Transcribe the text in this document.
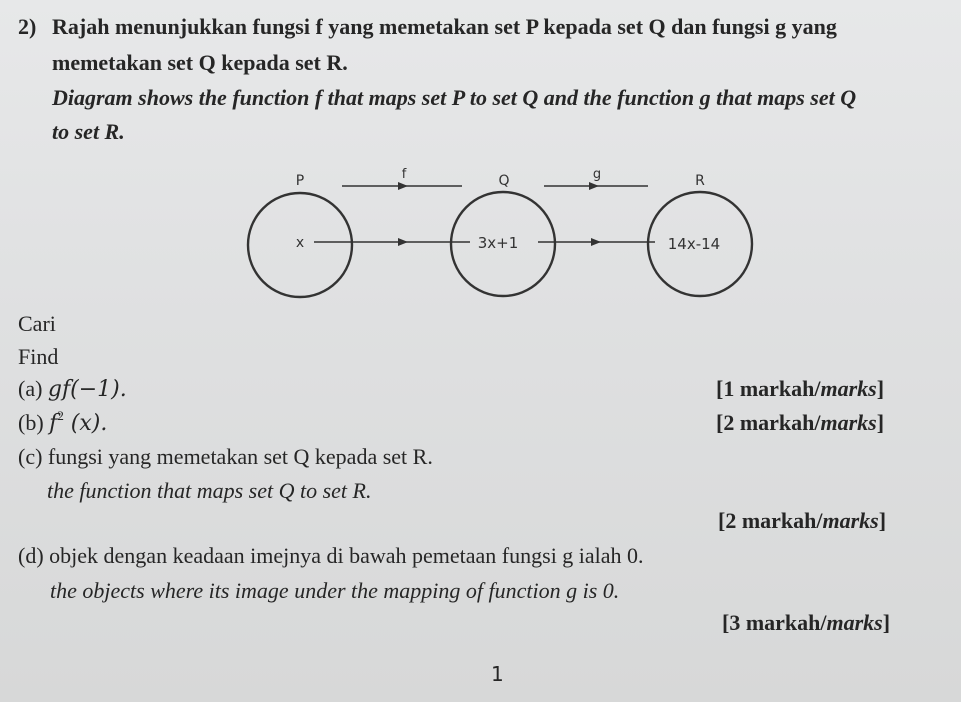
2) Rajah menunjukkan fungsi f yang memetakan set P kepada set Q dan fungsi g yang
memetakan set Q kepada set R.
Diagram shows the function f that maps set P to set Q and the function g that maps set Q
to set R.
P	Q	R
f	g
x	3x+1	14x-14
Cari
Find
(a) gf(−1).	[1 markah/marks]
(b) $f^2$ (x).	[2 markah/marks]
(c) fungsi yang memetakan set Q kepada set R.
the function that maps set Q to set R.
[2 markah/marks]
(d) objek dengan keadaan imejnya di bawah pemetaan fungsi g ialah 0.
the objects where its image under the mapping of function g is 0.
[3 markah/marks]
1
